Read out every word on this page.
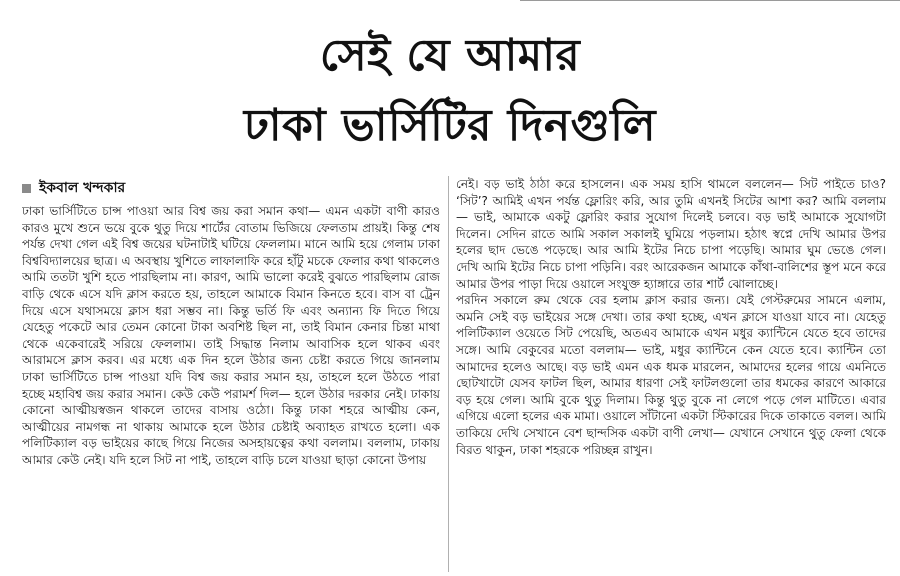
সেই যে আমার
ঢাকা ভার্সিটির দিনগুলি
ইকবাল খন্দকার

ঢাকা ভার্সিটিতে চান্স পাওয়া আর বিশ্ব জয় করা সমান কথা— এমন একটা বাণী কারও কারও মুখে শুনে ভয়ে বুকে থুতু দিয়ে শার্টের বোতাম ভিজিয়ে ফেলতাম প্রায়ই। কিন্তু শেষ পর্যন্ত দেখা গেল এই বিশ্ব জয়ের ঘটনাটাই ঘটিয়ে ফেললাম। মানে আমি হয়ে গেলাম ঢাকা বিশ্ববিদ্যালয়ের ছাত্র। এ অবস্থায় খুশিতে লাফালাফি করে হাঁটু মচকে ফেলার কথা থাকলেও আমি ততটা খুশি হতে পারছিলাম না। কারণ, আমি ভালো করেই বুঝতে পারছিলাম রোজ বাড়ি থেকে এসে যদি ক্লাস করতে হয়, তাহলে আমাকে বিমান কিনতে হবে। বাস বা ট্রেন দিয়ে এসে যথাসময়ে ক্লাস ধরা সম্ভব না। কিন্তু ভর্তি ফি এবং অন্যান্য ফি দিতে গিয়ে যেহেতু পকেটে আর তেমন কোনো টাকা অবশিষ্ট ছিল না, তাই বিমান কেনার চিন্তা মাথা থেকে একেবারেই সরিয়ে ফেললাম। তাই সিদ্ধান্ত নিলাম আবাসিক হলে থাকব এবং আরামসে ক্লাস করব। এর মধ্যে এক দিন হলে উঠার জন্য চেষ্টা করতে গিয়ে জানলাম ঢাকা ভার্সিটিতে চান্স পাওয়া যদি বিশ্ব জয় করার সমান হয়, তাহলে হলে উঠতে পারা হচ্ছে মহাবিশ্ব জয় করার সমান। কেউ কেউ পরামর্শ দিল— হলে উঠার দরকার নেই। ঢাকায় কোনো আত্মীয়স্বজন থাকলে তাদের বাসায় ওঠো। কিন্তু ঢাকা শহরে আত্মীয় কেন, আত্মীয়ের নামগন্ধ না থাকায় আমাকে হলে উঠার চেষ্টাই অব্যাহত রাখতে হলো। এক পলিটিক্যাল বড় ভাইয়ের কাছে গিয়ে নিজের অসহায়ত্বের কথা বললাম। বললাম, ঢাকায় আমার কেউ নেই। যদি হলে সিট না পাই, তাহলে বাড়ি চলে যাওয়া ছাড়া কোনো উপায়

নেই। বড় ভাই ঠাঠা করে হাসলেন। এক সময় হাসি থামলে বললেন— সিট পাইতে চাও? ‘সিট’? আমিই এখন পর্যন্ত ফ্লোরিং করি, আর তুমি এখনই সিটের আশা কর? আমি বললাম— ভাই, আমাকে একটু ফ্লোরিং করার সুযোগ দিলেই চলবে। বড় ভাই আমাকে সুযোগটা দিলেন। সেদিন রাতে আমি সকাল সকালই ঘুমিয়ে পড়লাম। হঠাৎ স্বপ্নে দেখি আমার উপর হলের ছাদ ভেঙে পড়েছে। আর আমি ইটের নিচে চাপা পড়েছি। আমার ঘুম ভেঙে গেল। দেখি আমি ইটের নিচে চাপা পড়িনি। বরং আরেকজন আমাকে কাঁথা-বালিশের স্তূপ মনে করে আমার উপর পাড়া দিয়ে ওয়ালে সংযুক্ত হ্যাঙ্গারে তার শার্ট ঝোলাচ্ছে।

পরদিন সকালে রুম থেকে বের হলাম ক্লাস করার জন্য। যেই গেস্টরুমের সামনে এলাম, অমনি সেই বড় ভাইয়ের সঙ্গে দেখা। তার কথা হচ্ছে, এখন ক্লাসে যাওয়া যাবে না। যেহেতু পলিটিক্যাল ওয়েতে সিট পেয়েছি, অতএব আমাকে এখন মধুর ক্যান্টিনে যেতে হবে তাদের সঙ্গে। আমি বেকুবের মতো বললাম— ভাই, মধুর ক্যান্টিনে কেন যেতে হবে। ক্যান্টিন তো আমাদের হলেও আছে। বড় ভাই এমন এক ধমক মারলেন, আমাদের হলের গায়ে এমনিতে ছোটখাটো যেসব ফাটল ছিল, আমার ধারণা সেই ফাটলগুলো তার ধমকের কারণে আকারে বড় হয়ে গেল। আমি বুকে থুতু দিলাম। কিন্তু থুতু বুকে না লেগে পড়ে গেল মাটিতে। এবার এগিয়ে এলো হলের এক মামা। ওয়ালে সাঁটানো একটা স্টিকারের দিকে তাকাতে বলল। আমি তাকিয়ে দেখি সেখানে বেশ ছান্দসিক একটা বাণী লেখা— যেখানে সেখানে থুতু ফেলা থেকে বিরত থাকুন, ঢাকা শহরকে পরিচ্ছন্ন রাখুন।
